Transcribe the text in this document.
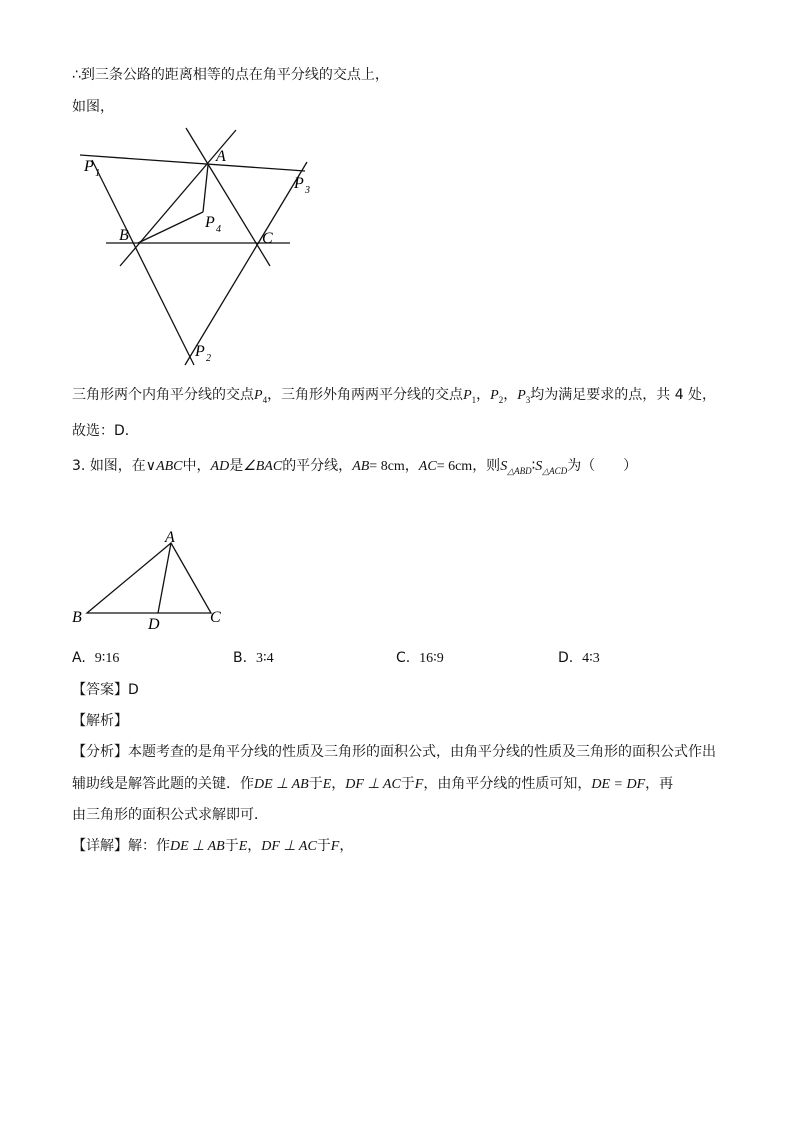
∴到三条公路的距离相等的点在角平分线的交点上，
如图，
A
B	C
P 1
P 3
P 4
P 2
三角形两个内角平分线的交点$P_4$，三角形外角两两平分线的交点$P_1$，$P_2$，$P_3$均为满足要求的点，共 4 处，
故选：D．
3. 如图，在∨ABC中，AD是∠BAC的平分线，AB= 8cm，AC= 6cm，则$S_{\triangle ABD}∶S_{\triangle ACD}$为（　　）
A
B	C
D
A. 9∶16	B. 3∶4	C. 16∶9	D. 4∶3
【答案】D
【解析】
【分析】本题考查的是角平分线的性质及三角形的面积公式，由角平分线的性质及三角形的面积公式作出
辅助线是解答此题的关键．作DE ⊥ AB于E，DF ⊥ AC于F，由角平分线的性质可知，DE = DF，再
由三角形的面积公式求解即可．
【详解】解：作DE ⊥ AB于E，DF ⊥ AC于F，
